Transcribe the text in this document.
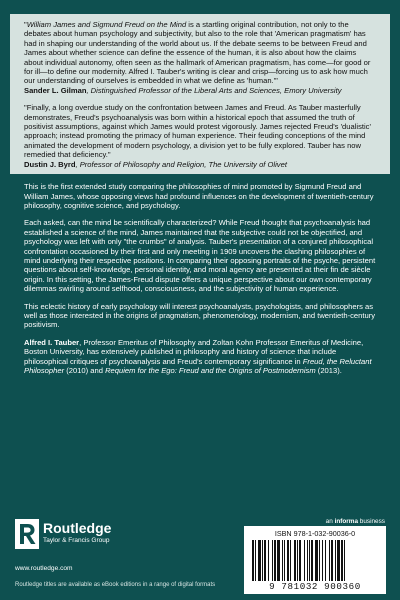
"William James and Sigmund Freud on the Mind is a startling original contribution, not only to the debates about human psychology and subjectivity, but also to the role that 'American pragmatism' has had in shaping our understanding of the world about us. If the debate seems to be between Freud and James about whether science can define the essence of the human, it is also about how the claims about individual autonomy, often seen as the hallmark of American pragmatism, has come—for good or for ill—to define our modernity. Alfred I. Tauber's writing is clear and crisp—forcing us to ask how much our understanding of ourselves is embedded in what we define as 'human.'"

Sander L. Gilman, Distinguished Professor of the Liberal Arts and Sciences, Emory University

"Finally, a long overdue study on the confrontation between James and Freud. As Tauber masterfully demonstrates, Freud's psychoanalysis was born within a historical epoch that assumed the truth of positivist assumptions, against which James would protest vigorously. James rejected Freud's 'dualistic' approach; instead promoting the primacy of human experience. Their feuding conceptions of the mind animated the development of modern psychology, a division yet to be fully explored. Tauber has now remedied that deficiency."

Dustin J. Byrd, Professor of Philosophy and Religion, The University of Olivet

This is the first extended study comparing the philosophies of mind promoted by Sigmund Freud and William James, whose opposing views had profound influences on the development of twentieth-century philosophy, cognitive science, and psychology.

Each asked, can the mind be scientifically characterized? While Freud thought that psychoanalysis had established a science of the mind, James maintained that the subjective could not be objectified, and psychology was left with only "the crumbs" of analysis. Tauber's presentation of a conjured philosophical confrontation occasioned by their first and only meeting in 1909 uncovers the clashing philosophies of mind underlying their respective positions. In comparing their opposing portraits of the psyche, persistent questions about self-knowledge, personal identity, and moral agency are presented at their fin de siècle origin. In this setting, the James-Freud dispute offers a unique perspective about our own contemporary dilemmas swirling around selfhood, consciousness, and the subjectivity of human experience.

This eclectic history of early psychology will interest psychoanalysts, psychologists, and philosophers as well as those interested in the origins of pragmatism, phenomenology, modernism, and twentieth-century positivism.

Alfred I. Tauber, Professor Emeritus of Philosophy and Zoltan Kohn Professor Emeritus of Medicine, Boston University, has extensively published in philosophy and history of science that include philosophical critiques of psychoanalysis and Freud's contemporary significance in Freud, the Reluctant Philosopher (2010) and Requiem for the Ego: Freud and the Origins of Postmodernism (2013).

an informa business
Routledge
Taylor & Francis Group
www.routledge.com
Routledge titles are available as eBook editions in a range of digital formats
ISBN 978-1-032-90036-0
9 781032 900360
